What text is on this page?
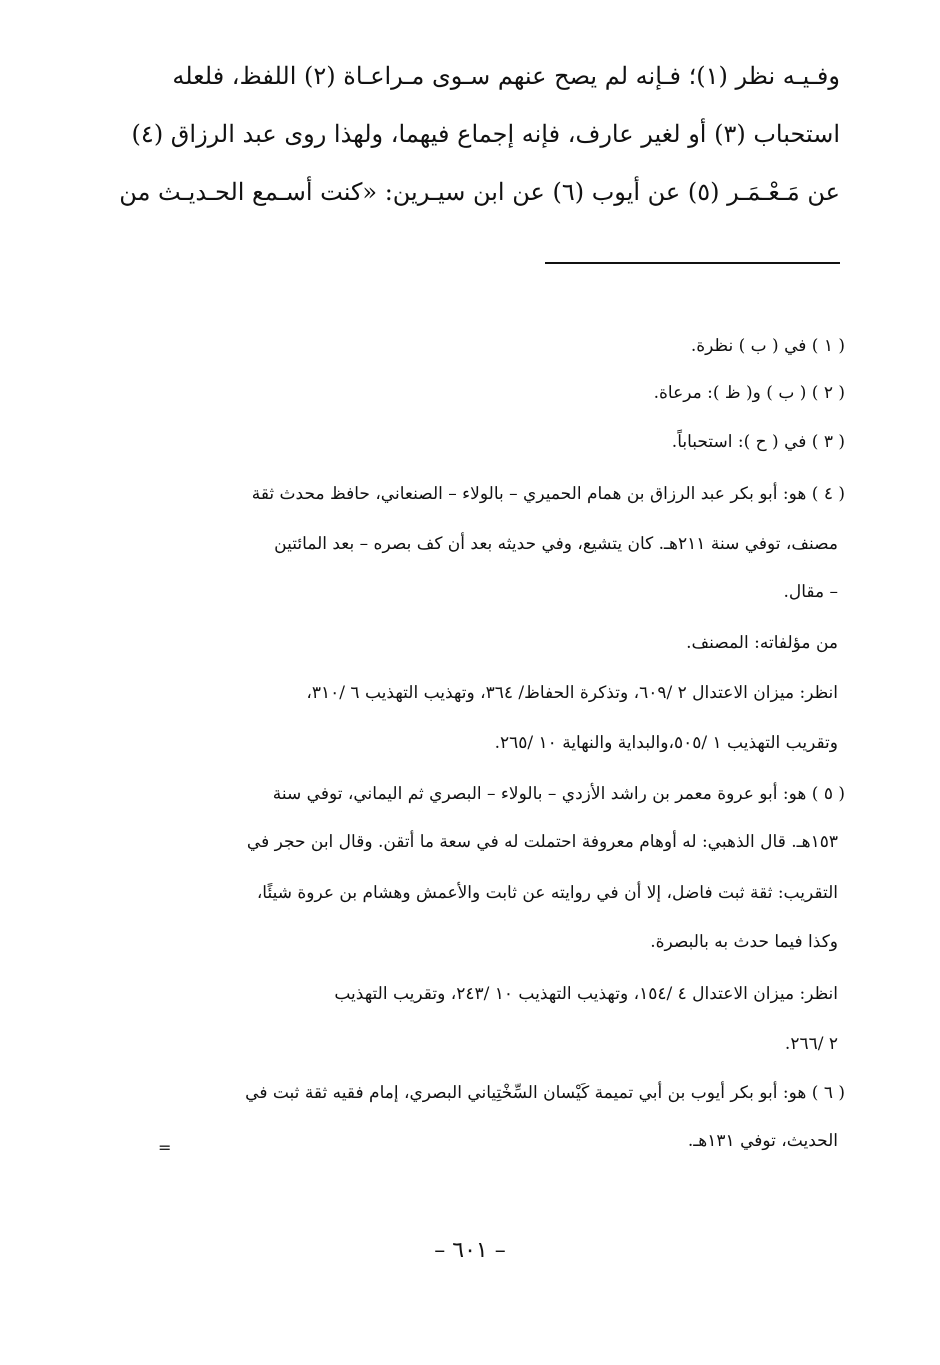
وفـيـه نظر (١)؛ فـإنه لم يصح عنهم سـوى مـراعـاة (٢) اللفظ، فلعله
استحباب (٣) أو لغير عارف، فإنه إجماع فيهما، ولهذا روى عبد الرزاق (٤)
عن مَـعْـمَـر (٥) عن أيوب (٦) عن ابن سيـرين: «كنت أسـمع الحـديـث من
( ١ ) في ( ب ) نظرة.
( ٢ ) ( ب ) و( ظ ): مرعاة.
( ٣ ) في ( ح ): استحباباً.
( ٤ ) هو: أبو بكر عبد الرزاق بن همام الحميري – بالولاء – الصنعاني، حافظ محدث ثقة
مصنف، توفي سنة ٢١١هـ. كان يتشيع، وفي حديثه بعد أن كف بصره – بعد المائتين
– مقال.
من مؤلفاته: المصنف.
انظر: ميزان الاعتدال ٢ /٦٠٩، وتذكرة الحفاظ/ ٣٦٤، وتهذيب التهذيب ٦ /٣١٠،
وتقريب التهذيب ١ /٥٠٥،والبداية والنهاية ١٠ /٢٦٥.
( ٥ ) هو: أبو عروة معمر بن راشد الأزدي – بالولاء – البصري ثم اليماني، توفي سنة
١٥٣هـ. قال الذهبي: له أوهام معروفة احتملت له في سعة ما أتقن. وقال ابن حجر في
التقريب: ثقة ثبت فاضل، إلا أن في روايته عن ثابت والأعمش وهشام بن عروة شيئًا،
وكذا فيما حدث به بالبصرة.
انظر: ميزان الاعتدال ٤ /١٥٤، وتهذيب التهذيب ١٠ /٢٤٣، وتقريب التهذيب
٢ /٢٦٦.
( ٦ ) هو: أبو بكر أيوب بن أبي تميمة كَيْسان السِّخْتِياني البصري، إمام فقيه ثقة ثبت في
الحديث، توفي ١٣١هـ.
=
– ٦٠١ –
